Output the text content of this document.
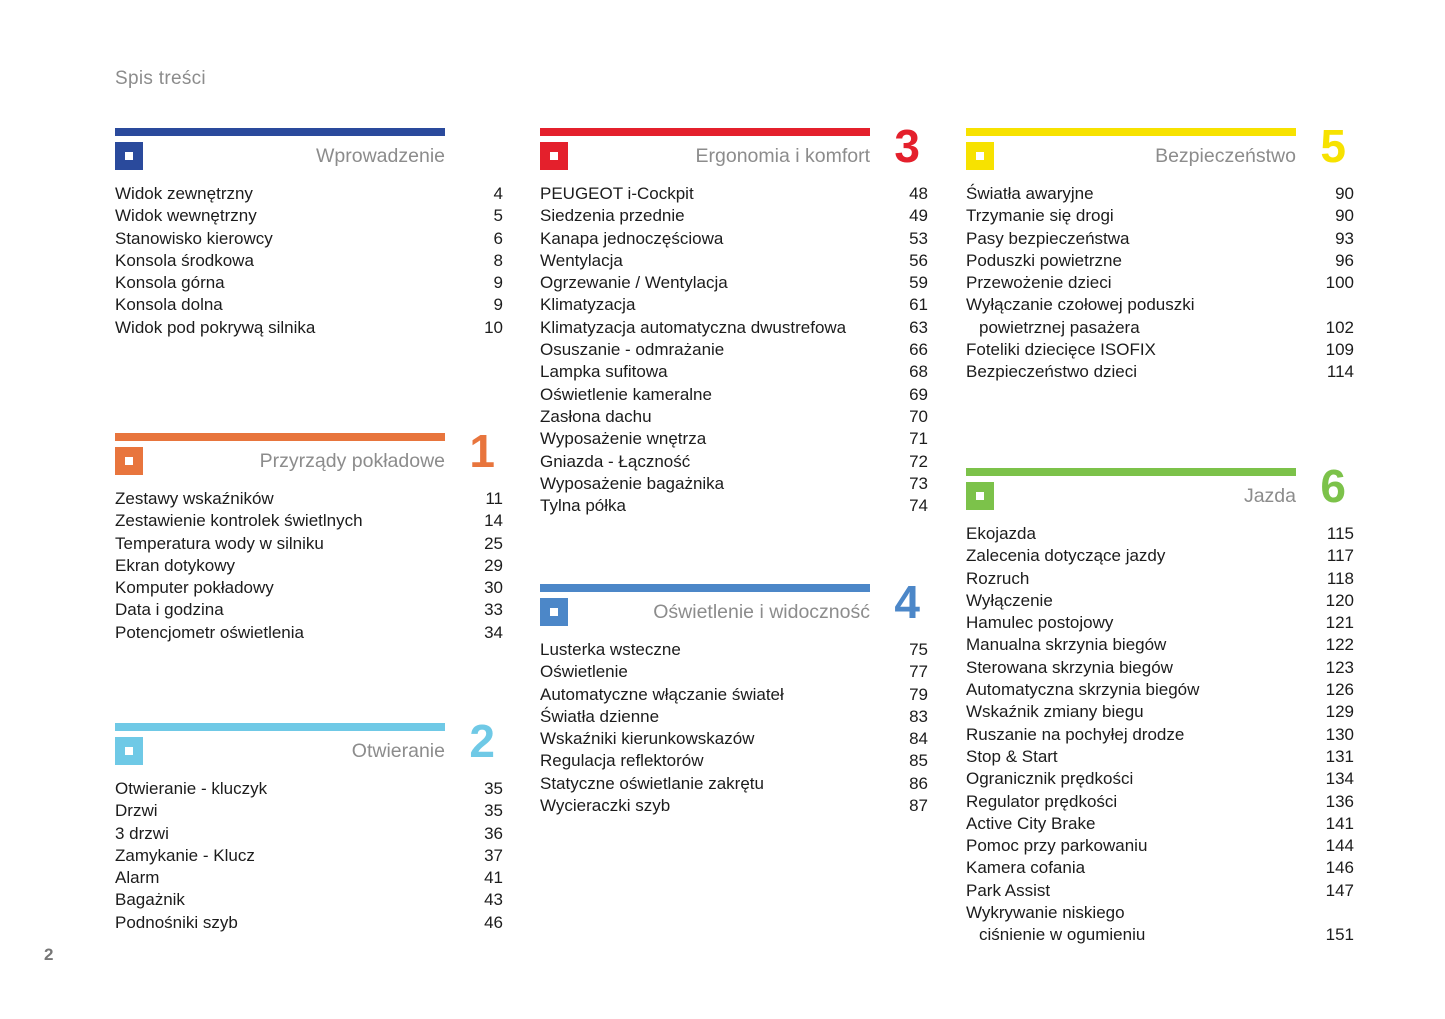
Spis treści
Wprowadzenie
Widok zewnętrzny	4
Widok wewnętrzny	5
Stanowisko kierowcy	6
Konsola środkowa	8
Konsola górna	9
Konsola dolna	9
Widok pod pokrywą silnika	10
Przyrządy pokładowe 1
Zestawy wskaźników	11
Zestawienie kontrolek świetlnych	14
Temperatura wody w silniku	25
Ekran dotykowy	29
Komputer pokładowy	30
Data i godzina	33
Potencjometr oświetlenia	34
Otwieranie 2
Otwieranie - kluczyk	35
Drzwi	35
3 drzwi	36
Zamykanie - Klucz	37
Alarm	41
Bagażnik	43
Podnośniki szyb	46
Ergonomia i komfort 3
PEUGEOT i-Cockpit	48
Siedzenia przednie	49
Kanapa jednoczęściowa	53
Wentylacja	56
Ogrzewanie / Wentylacja	59
Klimatyzacja	61
Klimatyzacja automatyczna dwustrefowa	63
Osuszanie - odmrażanie	66
Lampka sufitowa	68
Oświetlenie kameralne	69
Zasłona dachu	70
Wyposażenie wnętrza	71
Gniazda - Łączność	72
Wyposażenie bagażnika	73
Tylna półka	74
Oświetlenie i widoczność 4
Lusterka wsteczne	75
Oświetlenie	77
Automatyczne włączanie świateł	79
Światła dzienne	83
Wskaźniki kierunkowskazów	84
Regulacja reflektorów	85
Statyczne oświetlanie zakrętu	86
Wycieraczki szyb	87
Bezpieczeństwo 5
Światła awaryjne	90
Trzymanie się drogi	90
Pasy bezpieczeństwa	93
Poduszki powietrzne	96
Przewożenie dzieci	100
Wyłączanie czołowej poduszki
powietrznej pasażera	102
Foteliki dziecięce ISOFIX	109
Bezpieczeństwo dzieci	114
Jazda 6
Ekojazda	115
Zalecenia dotyczące jazdy	117
Rozruch	118
Wyłączenie	120
Hamulec postojowy	121
Manualna skrzynia biegów	122
Sterowana skrzynia biegów	123
Automatyczna skrzynia biegów	126
Wskaźnik zmiany biegu	129
Ruszanie na pochyłej drodze	130
Stop & Start	131
Ogranicznik prędkości	134
Regulator prędkości	136
Active City Brake	141
Pomoc przy parkowaniu	144
Kamera cofania	146
Park Assist	147
Wykrywanie niskiego
ciśnienie w ogumieniu	151
2
